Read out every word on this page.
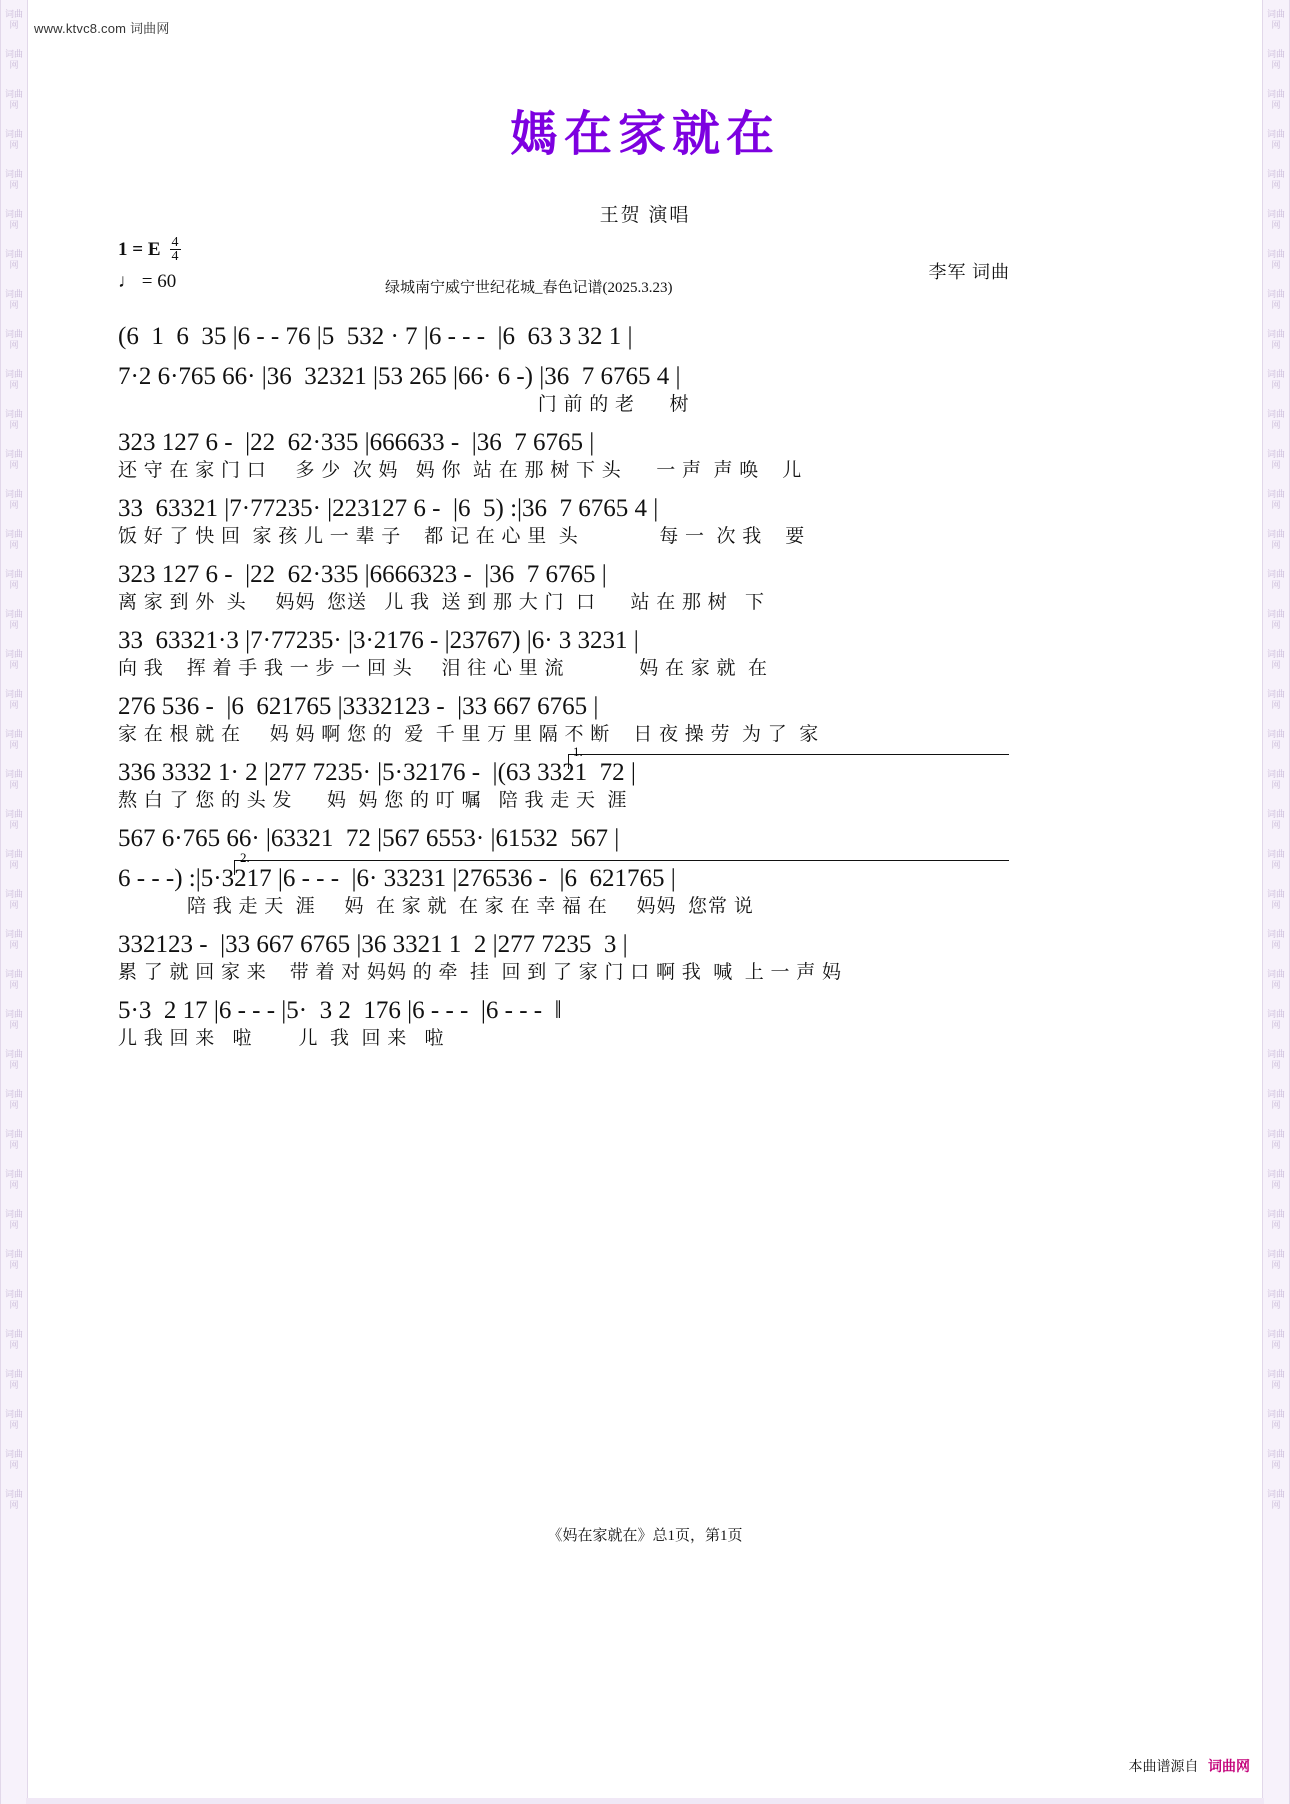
词曲网
词曲网
词曲网
词曲网
词曲网
词曲网
词曲网
词曲网
词曲网
词曲网
词曲网
词曲网
词曲网
词曲网
词曲网
词曲网
词曲网
词曲网
词曲网
词曲网
词曲网
词曲网
词曲网
词曲网
词曲网
词曲网
词曲网
词曲网
词曲网
词曲网
词曲网
词曲网
词曲网
词曲网
词曲网
词曲网
词曲网
词曲网
词曲网
词曲网
词曲网
词曲网
词曲网
词曲网
词曲网
词曲网
词曲网
词曲网
词曲网
词曲网
词曲网
词曲网
词曲网
词曲网
词曲网
词曲网
词曲网
词曲网
词曲网
词曲网
词曲网
词曲网
词曲网
词曲网
词曲网
词曲网
词曲网
词曲网
词曲网
词曲网
词曲网
词曲网
词曲网
词曲网
词曲网
词曲网
www.ktvc8.com 词曲网
媽在家就在
王贺 演唱
1 = E $\frac{4}{4}$
♩ = 60	绿城南宁威宁世纪花城_春色记谱(2025.3.23)
李军 词曲
(6  1  6  35 |6 - - 76 |5  532 · 7 |6 - - -  |6  63 3 32 1 |
7·2 6·765 66· |36  32321 |53 265 |66· 6 -) |36  7 6765 4 |
门 前 的 老      树
323 127 6 -  |22  62·335 |666633 -  |36  7 6765 |
还 守 在 家 门 口     多 少  次 妈   妈 你  站 在 那 树 下 头      一 声  声 唤    儿
33  63321 |7·77235· |223127 6 -  |6  5) :|36  7 6765 4 |
饭 好 了 快 回  家 孩 儿 一 辈 子    都 记 在 心 里  头              每 一  次 我    要
323 127 6 -  |22  62·335 |6666323 -  |36  7 6765 |
离 家 到 外  头     妈妈  您送   儿 我  送 到 那 大 门  口      站 在 那 树   下
33  63321·3 |7·77235· |3·2176 - |23767) |6· 3 3231 |
向 我    挥 着 手 我 一 步 一 回 头     泪 往 心 里 流             妈 在 家 就  在
276 536 -  |6  621765 |3332123 -  |33 667 6765 |
家 在 根 就 在     妈 妈 啊 您 的  爱  千 里 万 里 隔 不 断    日 夜 操 劳  为 了  家
1.
336 3332 1· 2 |277 7235· |5·32176 -  |(63 3321  72 |
熬 白 了 您 的 头 发      妈  妈 您 的 叮 嘱   陪 我 走 天  涯
567 6·765 66· |63321  72 |567 6553· |61532  567 |
2.
6 - - -) :|5·3217 |6 - - -  |6· 33231 |276536 -  |6  621765 |
陪 我 走 天  涯     妈  在 家 就  在 家 在 幸 福 在     妈妈  您常 说
332123 -  |33 667 6765 |36 3321 1  2 |277 7235  3 |
累 了 就 回 家 来    带 着 对 妈妈 的 牵  挂  回 到 了 家 门 口 啊 我  喊  上 一 声 妈
5·3  2 17 |6 - - - |5·  3 2  176 |6 - - -  |6 - - -  ‖
儿 我 回 来   啦        儿  我  回 来   啦
《妈在家就在》总1页，第1页
本曲谱源自 词曲网
